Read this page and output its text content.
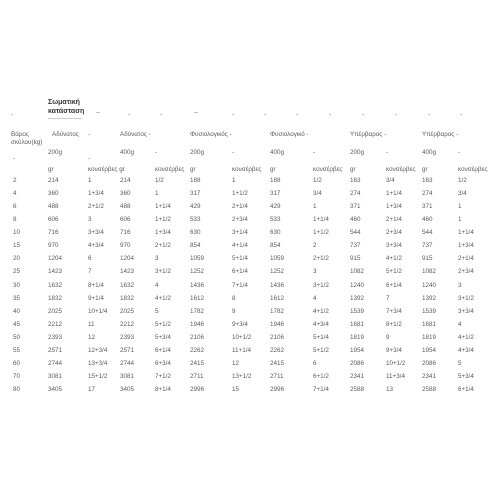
-
_
-	-
_
-	-	-	-	-	-	-	-
Σωματική
κατάσταση
Βάρος
σκύλου(kg)
Αδύνατος -	Αδύνατος -	Φυσιολογικός -	Φυσιολογικό -	Υπέρβαρος -	Υπέρβαρος -
-
200g
-
400g	-	200g	-	400g	-	200g	-	400g	-
gr	κονσέρβες gr	κονσέρβες gr	κονσέρβες gr	κονσέρβες gr	κονσέρβες gr	κονσέρβες
2	214	1	214	1/2	188	1	188	1/2	163	3/4	163	1/2
4	360	1+3/4	360	1	317	1+1/2	317	3/4	274	1+1/4	274	3/4
6	488	2+1/2	488	1+1/4	429	2+1/4	429	1	371	1+3/4	371	1
8	606	3	606	1+1/2	533	2+3/4	533	1+1/4	460	2+1/4	460	1
10	716	3+3/4	716	1+3/4	630	3+1/4	630	1+1/2	544	2+3/4	544	1+1/4
15	970	4+3/4	970	2+1/2	854	4+1/4	854	2	737	3+3/4	737	1+3/4
20	1204	6	1204	3	1059	5+1/4	1059	2+1/2	915	4+1/2	915	2+1/4
25	1423	7	1423	3+1/2	1252	6+1/4	1252	3	1082	5+1/2	1082	2+3/4
30	1632	8+1/4	1632	4	1436	7+1/4	1436	3+1/2	1240	6+1/4	1240	3
35	1832	9+1/4	1832	4+1/2	1612	8	1612	4	1392	7	1392	3+1/2
40	2025	10+1/4 2025	5	1782	9	1782	4+1/2	1539	7+3/4	1539	3+3/4
45	2212	11	2212	5+1/2	1946	9+3/4	1946	4+3/4	1681	8+1/2	1681	4
50	2393	12	2393	5+3/4	2106	10+1/2	2106	5+1/4	1819	9	1819	4+1/2
55	2571	12+3/4 2571	6+1/4	2262	11+1/4	2262	5+1/2	1954	9+3/4	1954	4+3/4
60	2744	13+3/4 2744	6+3/4	2415	12	2415	6	2086	10+1/2	2086	5
70	3081	15+1/2 3081	7+1/2	2711	13+1/2	2711	6+1/2	2341	11+3/4	2341	5+3/4
80	3405	17	3405	8+1/4	2996	15	2996	7+1/4	2588	13	2588	6+1/4
